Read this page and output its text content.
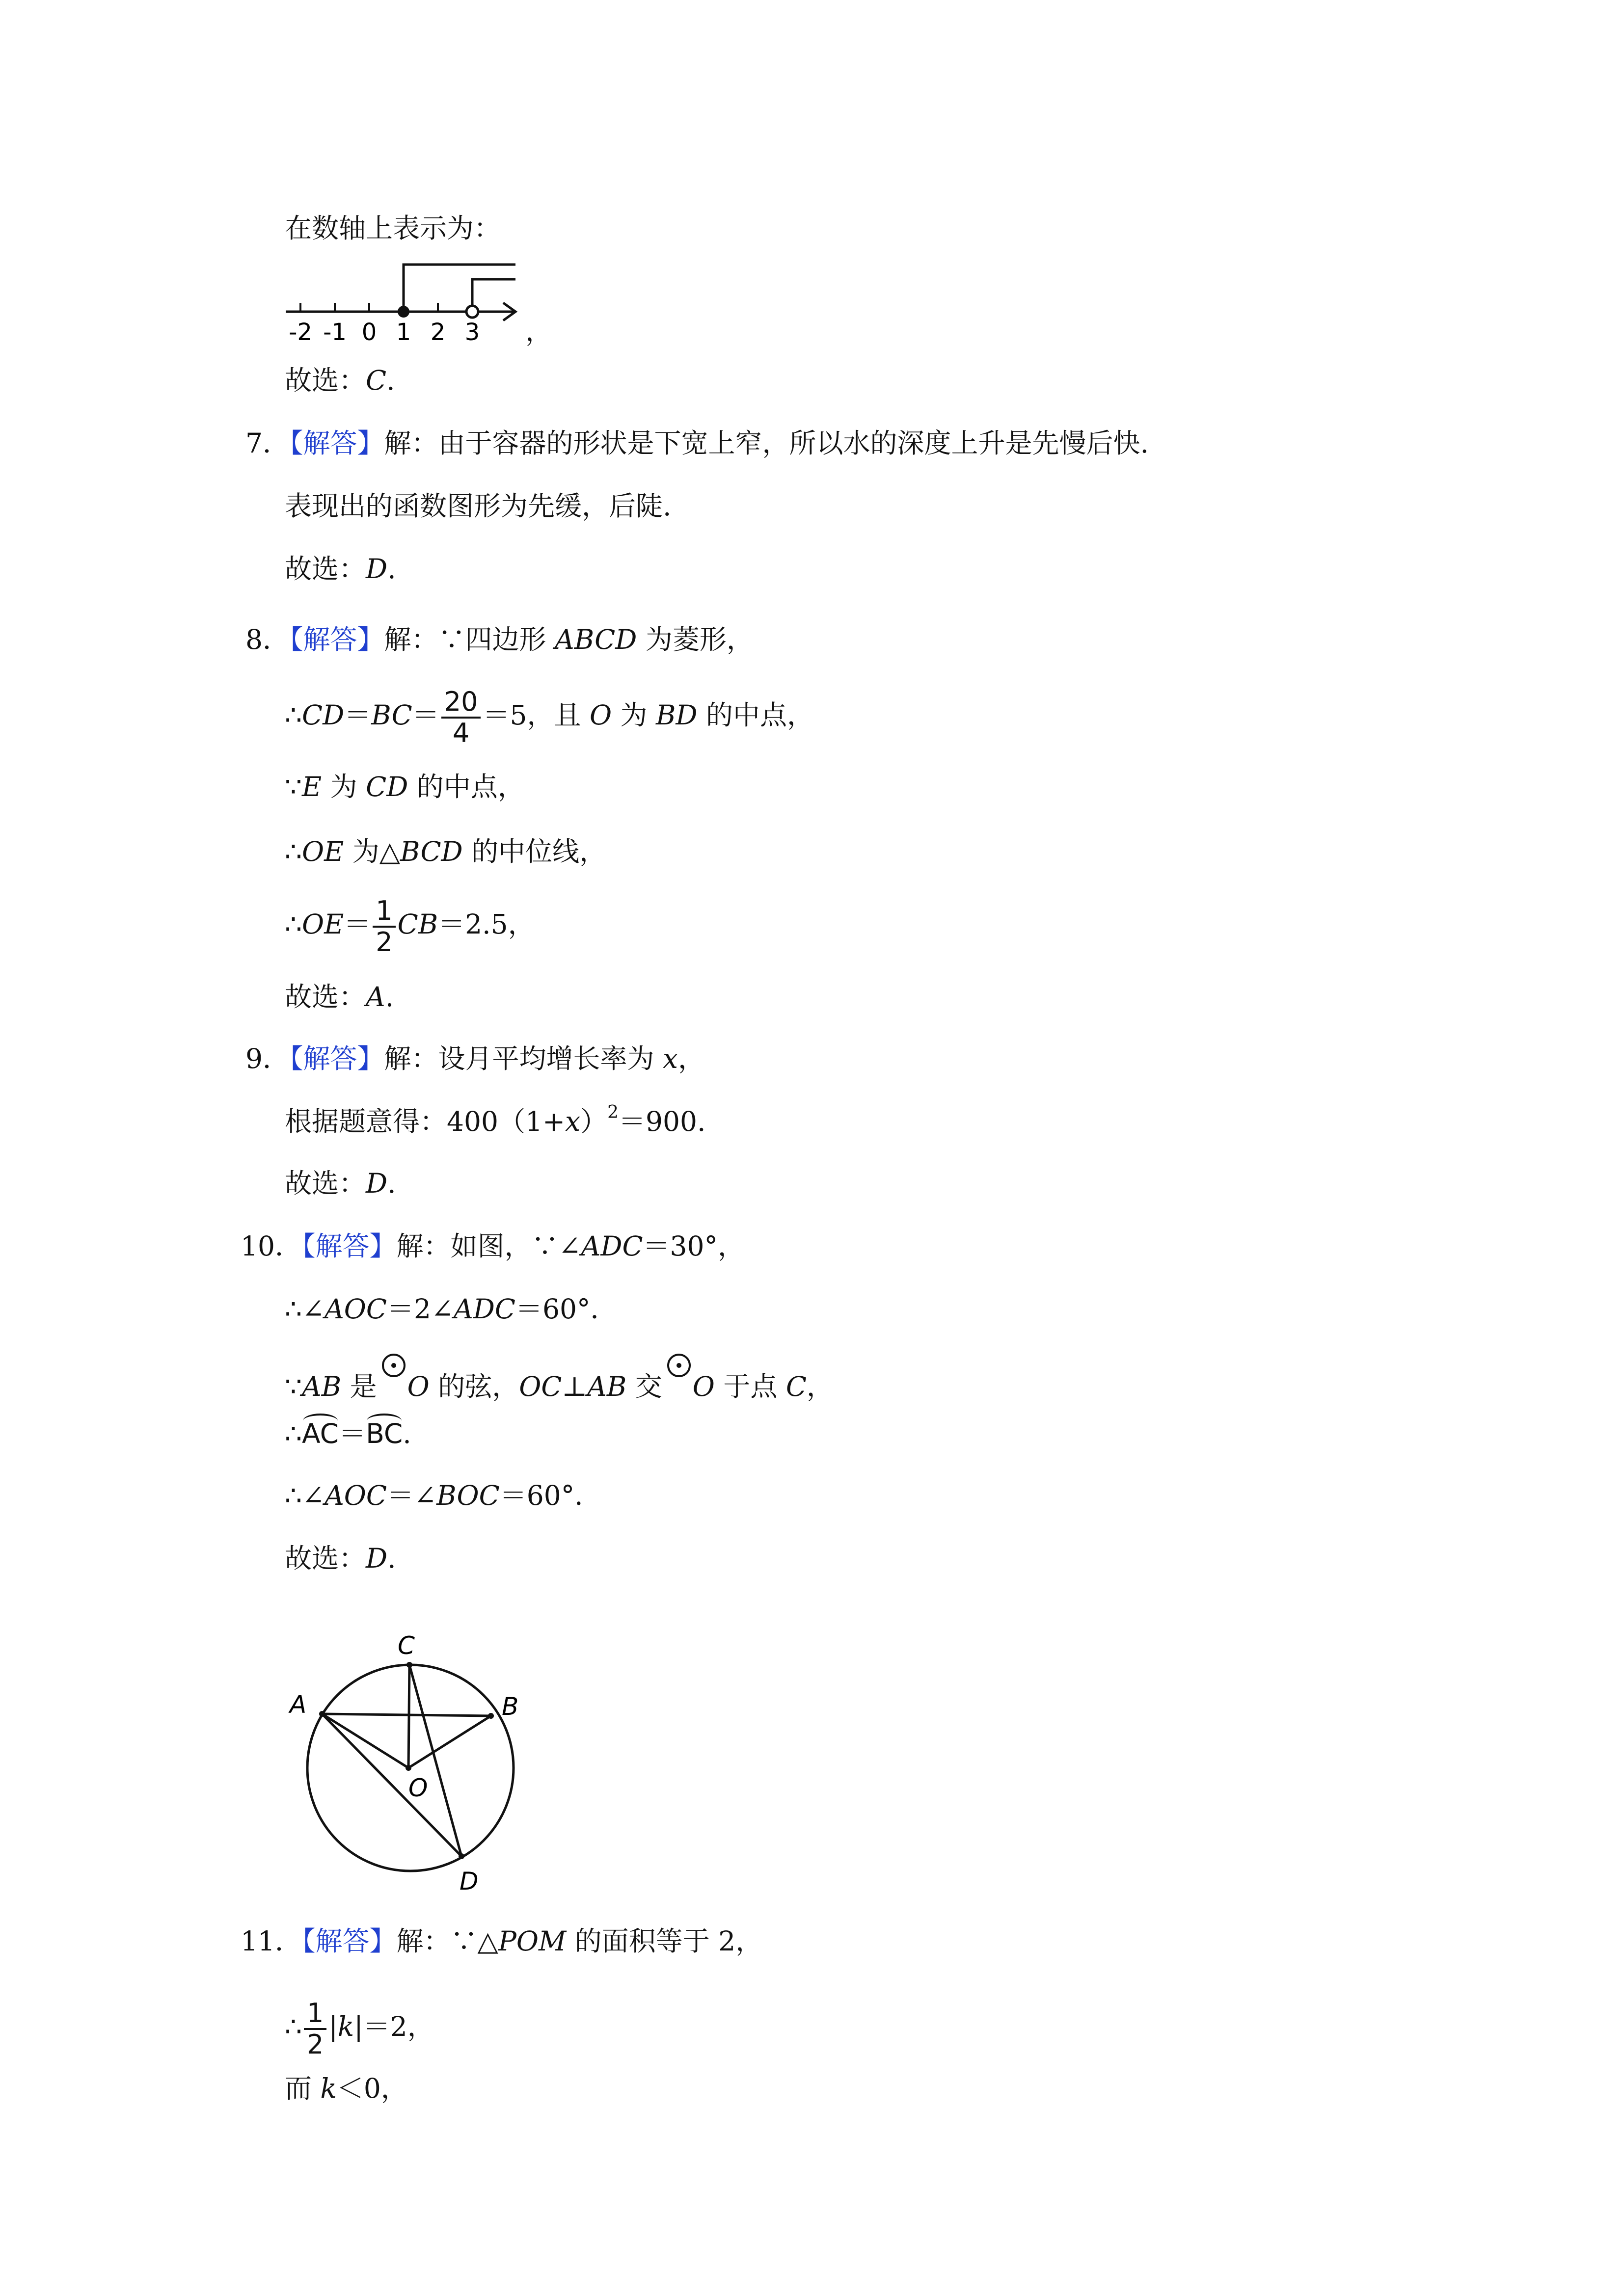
在数轴上表示为：
-2 -1 0 1 2 3 ，
故选：C.
7．【解答】解：由于容器的形状是下宽上窄，所以水的深度上升是先慢后快.
表现出的函数图形为先缓，后陡.
故选：D.
8．【解答】解：∵四边形 ABCD 为菱形，
∴CD＝BC＝ $\frac{20}{4} =5$，且 O 为 BD 的中点，
∵E 为 CD 的中点，
∴OE 为△BCD 的中位线，
∴OE＝ $\frac{1}{2} CB=2.5$，
故选：A.
9．【解答】解：设月平均增长率为 x，
根据题意得：$400(1+x)^2=900$.
故选：D.
10．【解答】解：如图，∵∠ADC＝30°，
∴∠AOC＝2∠ADC＝60°．
∵AB 是 O 的弦，OC⊥AB 交 O 于点 C，
∴AC＝BC.
∴∠AOC＝∠BOC＝60°．
故选：D.
A	B
C
O
D
11．【解答】解：∵△POM 的面积等于 2，
∴ $\frac{1}{2} |k|=2$，
而 k＜0，
